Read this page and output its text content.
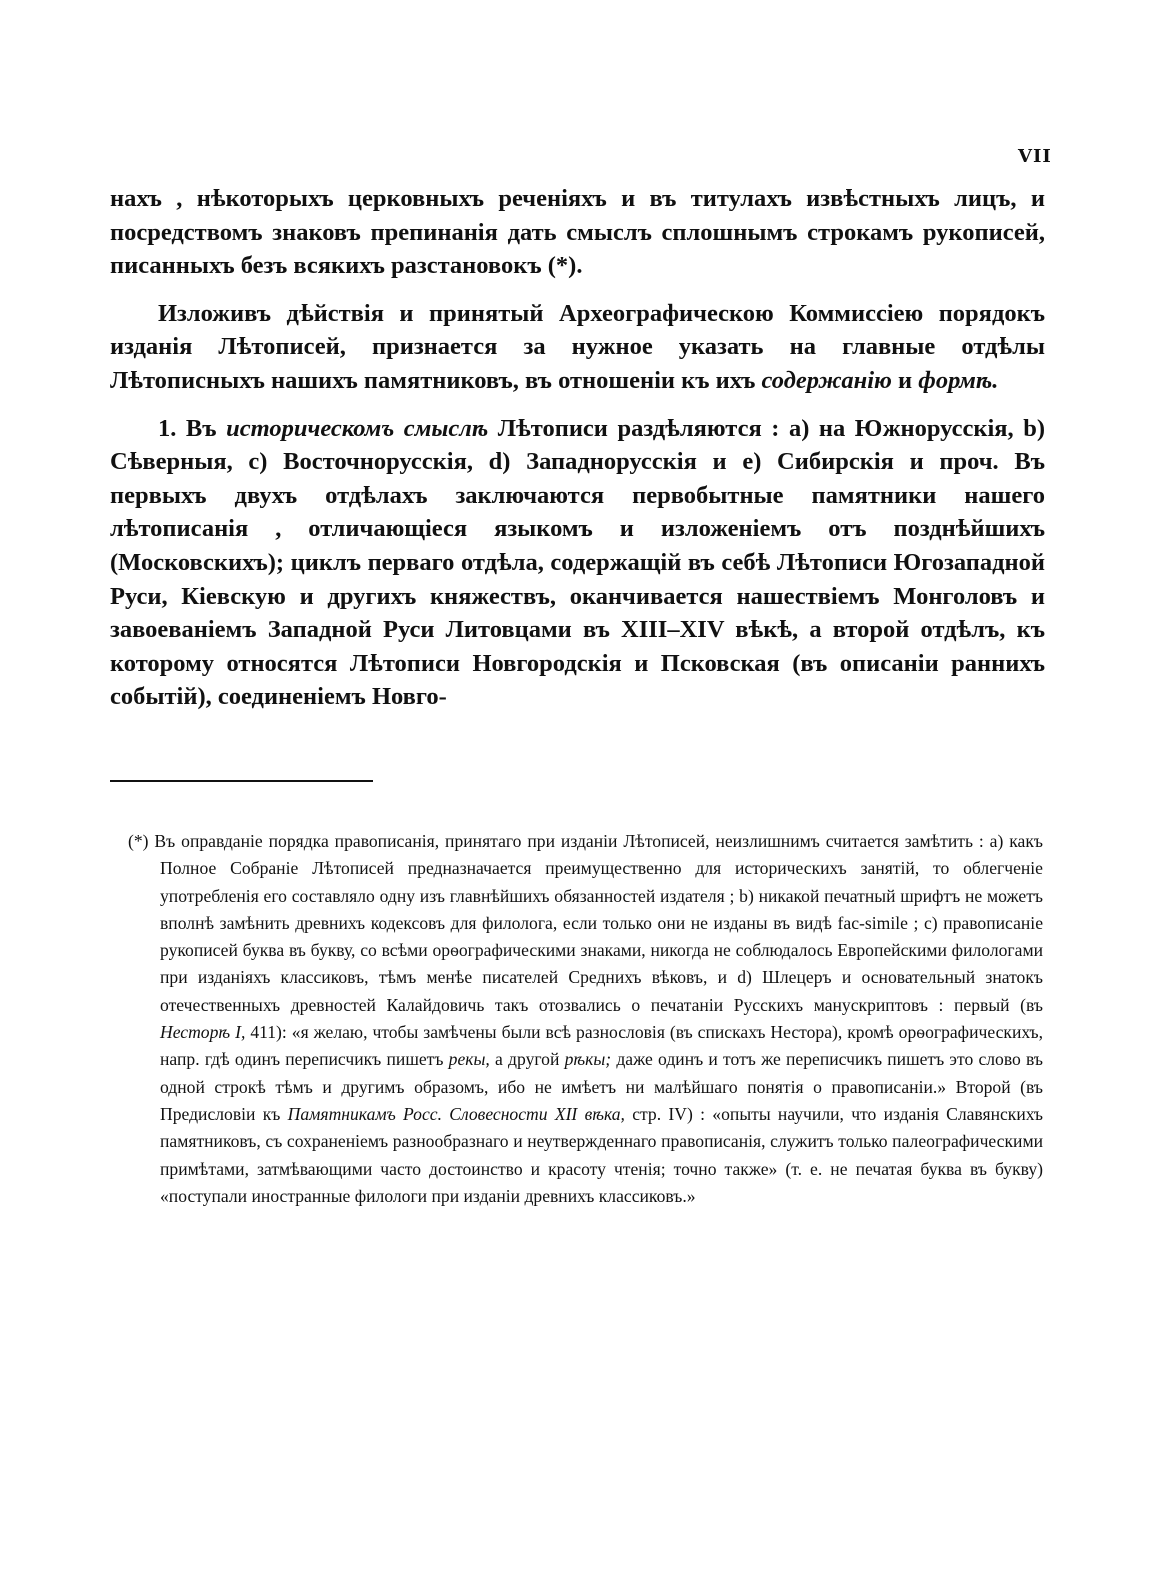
VII

нахъ , нѣкоторыхъ церковныхъ реченіяхъ и въ титулахъ извѣстныхъ лицъ, и посредствомъ знаковъ препинанія дать смыслъ сплошнымъ строкамъ рукописей, писанныхъ безъ всякихъ разстановокъ (*).

Изложивъ дѣйствія и принятый Археографическою Коммиссіею порядокъ изданія Лѣтописей, признается за нужное указать на главные отдѣлы Лѣтописныхъ нашихъ памятниковъ, въ отношеніи къ ихъ содержанію и формѣ.

1. Въ историческомъ смыслѣ Лѣтописи раздѣляются : a) на Южнорусскія, b) Сѣверныя, c) Восточнорусскія, d) Западнорусскія и e) Сибирскія и проч. Въ первыхъ двухъ отдѣлахъ заключаются первобытные памятники нашего лѣтописанія , отличающіеся языкомъ и изложеніемъ отъ позднѣйшихъ (Московскихъ); циклъ перваго отдѣла, содержащій въ себѣ Лѣтописи Югозападной Руси, Кіевскую и другихъ княжествъ, оканчивается нашествіемъ Монголовъ и завоеваніемъ Западной Руси Литовцами въ XIII–XIV вѣкѣ, а второй отдѣлъ, къ которому относятся Лѣтописи Новгородскія и Псковская (въ описаніи раннихъ событій), соединеніемъ Новго-

(*) Въ оправданіе порядка правописанія, принятаго при изданіи Лѣтописей, неизлишнимъ считается замѣтить : a) какъ Полное Собраніе Лѣтописей предназначается преимущественно для историческихъ занятій, то облегченіе употребленія его составляло одну изъ главнѣйшихъ обязанностей издателя ; b) никакой печатный шрифтъ не можетъ вполнѣ замѣнить древнихъ кодексовъ для филолога, если только они не изданы въ видѣ fac-simile ; c) правописаніе рукописей буква въ букву, со всѣми орѳографическими знаками, никогда не соблюдалось Европейскими филологами при изданіяхъ классиковъ, тѣмъ менѣе писателей Среднихъ вѣковъ, и d) Шлецеръ и основательный знатокъ отечественныхъ древностей Калайдовичь такъ отозвались о печатаніи Русскихъ манускриптовъ : первый (въ Несторѣ I, 411): «я желаю, чтобы замѣчены были всѣ разнословія (въ спискахъ Нестора), кромѣ орѳографическихъ, напр. гдѣ одинъ переписчикъ пишетъ рекы, а другой рѣкы; даже одинъ и тотъ же переписчикъ пишетъ это слово въ одной строкѣ тѣмъ и другимъ образомъ, ибо не имѣетъ ни малѣйшаго понятія о правописаніи.» Второй (въ Предисловіи къ Памятникамъ Росс. Словесности XII вѣка, стр. IV) : «опыты научили, что изданія Славянскихъ памятниковъ, съ сохраненіемъ разнообразнаго и неутвержденнаго правописанія, служитъ только палеографическими примѣтами, затмѣвающими часто достоинство и красоту чтенія; точно также» (т. е. не печатая буква въ букву) «поступали иностранные филологи при изданіи древнихъ классиковъ.»
